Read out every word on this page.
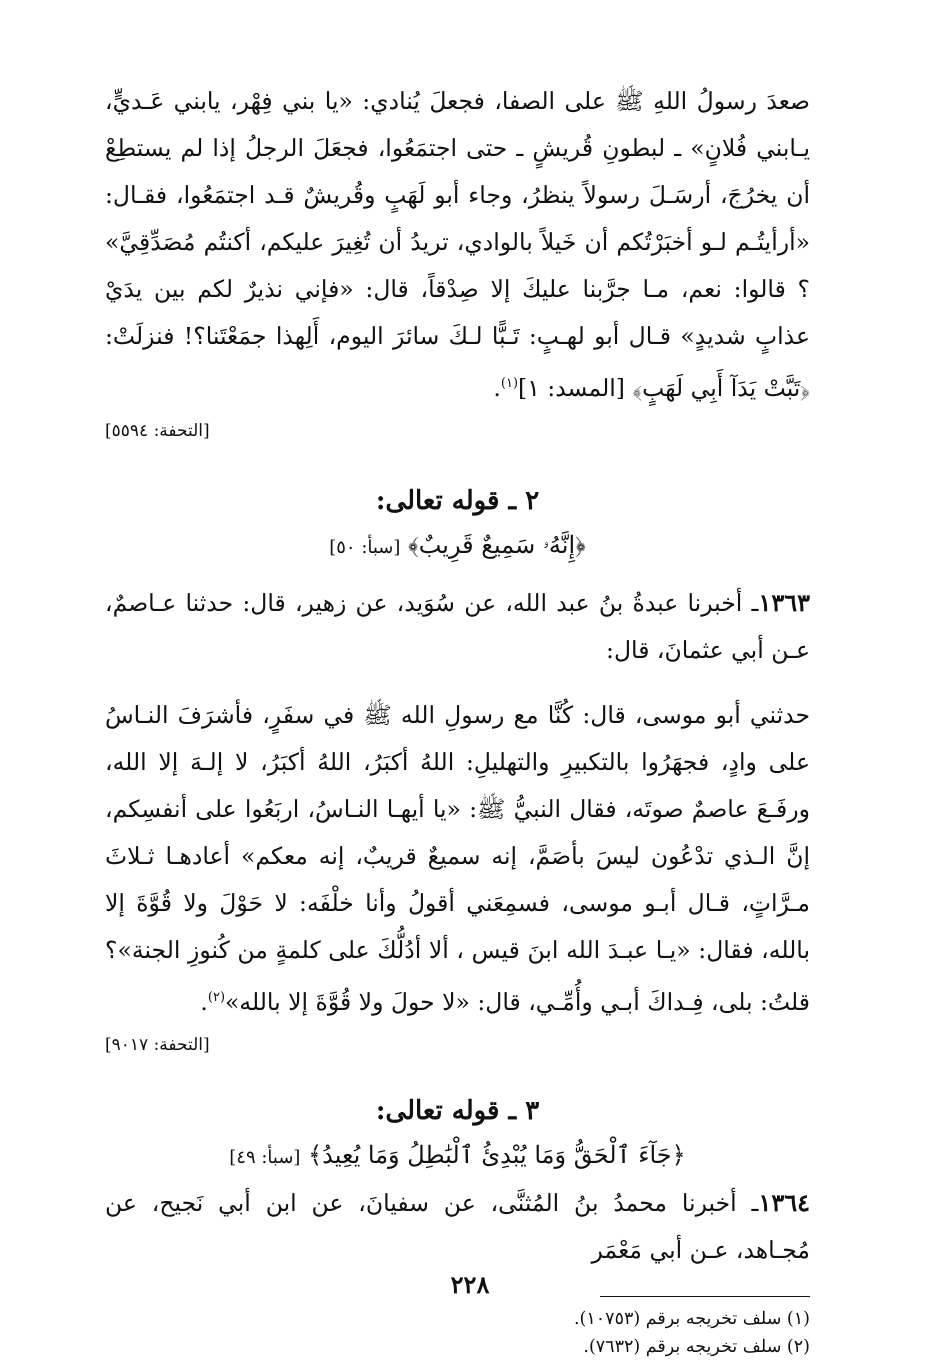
صعدَ رسولُ اللهِ ﷺ على الصفا، فجعلَ يُنادي: «يا بني فِهْر، يابني عَـديٍّ، يـابني فُلانٍ» ـ لبطونِ قُريشٍ ـ حتى اجتمَعُوا، فجعَلَ الرجلُ إذا لم يستطِعْ أن يخرُجَ، أرسَـلَ رسولاً ينظرُ، وجاء أبو لَهَبٍ وقُريشٌ قـد اجتمَعُوا، فقـال: «أرأيتُـم لـو أخبَرْتُكم أن خَيلاً بالوادي، تريدُ أن تُغِيرَ عليكم، أكنتُم مُصَدِّقِيَّ» ؟ قالوا: نعم، مـا جرَّبنا عليكَ إلا صِدْقاً، قال: «فإني نذيرٌ لكم بين يدَيْ عذابٍ شديدٍ» قـال أبو لهـبٍ: تَـبًّا لـكَ سائرَ اليوم، أَلِهذا جمَعْتَنا؟! فنزلَتْ: ﴿تَبَّتْ يَدَآ أَبِي لَهَبٍ﴾ [المسد: ١]$^{(١)}$.

[التحفة: ٥٥٩٤]

٢ ـ قوله تعالى:

﴿إِنَّهُۥ سَمِيعٌ قَرِيبٌ﴾ [سبأ: ٥٠]

١٣٦٣ـ أخبرنا عبدةُ بنُ عبد الله، عن سُوَيد، عن زهير، قال: حدثنا عـاصمٌ، عـن أبي عثمانَ، قال:

حدثني أبو موسى، قال: كُنَّا مع رسولِ الله ﷺ في سفَرٍ، فأشرَفَ النـاسُ على وادٍ، فجهَرُوا بالتكبيرِ والتهليلِ: اللهُ أكبَرُ، اللهُ أكبَرُ، لا إلـهَ إلا الله، ورفَـعَ عاصمٌ صوتَه، فقال النبيُّ ﷺ: «يا أيهـا النـاسُ، اربَعُوا على أنفسِكم، إنَّ الـذي تدْعُون ليسَ بأصَمَّ، إنه سميعٌ قريبٌ، إنه معكم» أعادهـا ثـلاثَ مـرَّاتٍ، قـال أبـو موسى، فسمِعَني أقولُ وأنا خلْفَه: لا حَوْلَ ولا قُوَّةَ إلا بالله، فقال: «يـا عبـدَ الله ابنَ قيس ، ألا أدُلُّكَ على كلمةٍ من كُنوزِ الجنة»؟ قلتُ: بلى، فِـداكَ أبـي وأُمِّـي، قال: «لا حولَ ولا قُوَّةَ إلا بالله»$^{(٢)}$.

[التحفة: ٩٠١٧]

٣ ـ قوله تعالى:

﴿جَآءَ ٱلْحَقُّ وَمَا يُبْدِئُ ٱلْبَٰطِلُ وَمَا يُعِيدُ﴾ [سبأ: ٤٩]

١٣٦٤ـ أخبرنا محمدُ بنُ المُثنَّى، عن سفيانَ، عن ابن أبي نَجيح، عن مُجـاهد، عـن أبي مَعْمَر

(١) سلف تخريجه برقم (١٠٧٥٣).

(٢) سلف تخريجه برقم (٧٦٣٢).

٢٢٨
